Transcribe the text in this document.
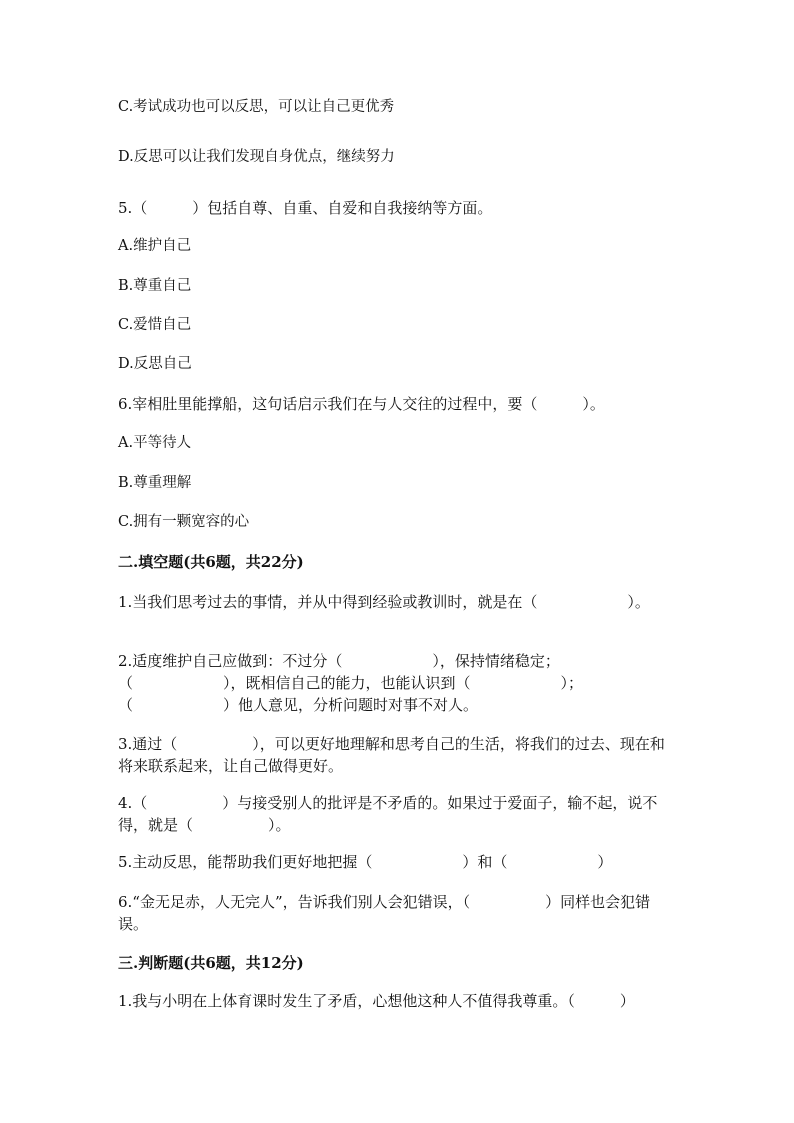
C.考试成功也可以反思，可以让自己更优秀
D.反思可以让我们发现自身优点，继续努力
5.（　　　）包括自尊、自重、自爱和自我接纳等方面。
A.维护自己
B.尊重自己
C.爱惜自己
D.反思自己
6.宰相肚里能撑船，这句话启示我们在与人交往的过程中，要（　　　）。
A.平等待人
B.尊重理解
C.拥有一颗宽容的心
二.填空题(共6题，共22分)
1.当我们思考过去的事情，并从中得到经验或教训时，就是在（　　　　　　）。
2.适度维护自己应做到：不过分（　　　　　　），保持情绪稳定；（　　　　　　），既相信自己的能力，也能认识到（　　　　　　）；（　　　　　　）他人意见，分析问题时对事不对人。
3.通过（　　　　　），可以更好地理解和思考自己的生活，将我们的过去、现在和将来联系起来，让自己做得更好。
4.（　　　　　）与接受别人的批评是不矛盾的。如果过于爱面子，输不起，说不得，就是（　　　　　）。
5.主动反思，能帮助我们更好地把握（　　　　　　）和（　　　　　　）
6.“金无足赤，人无完人”，告诉我们别人会犯错误，（　　　　　）同样也会犯错误。
三.判断题(共6题，共12分)
1.我与小明在上体育课时发生了矛盾，心想他这种人不值得我尊重。（　　　）
